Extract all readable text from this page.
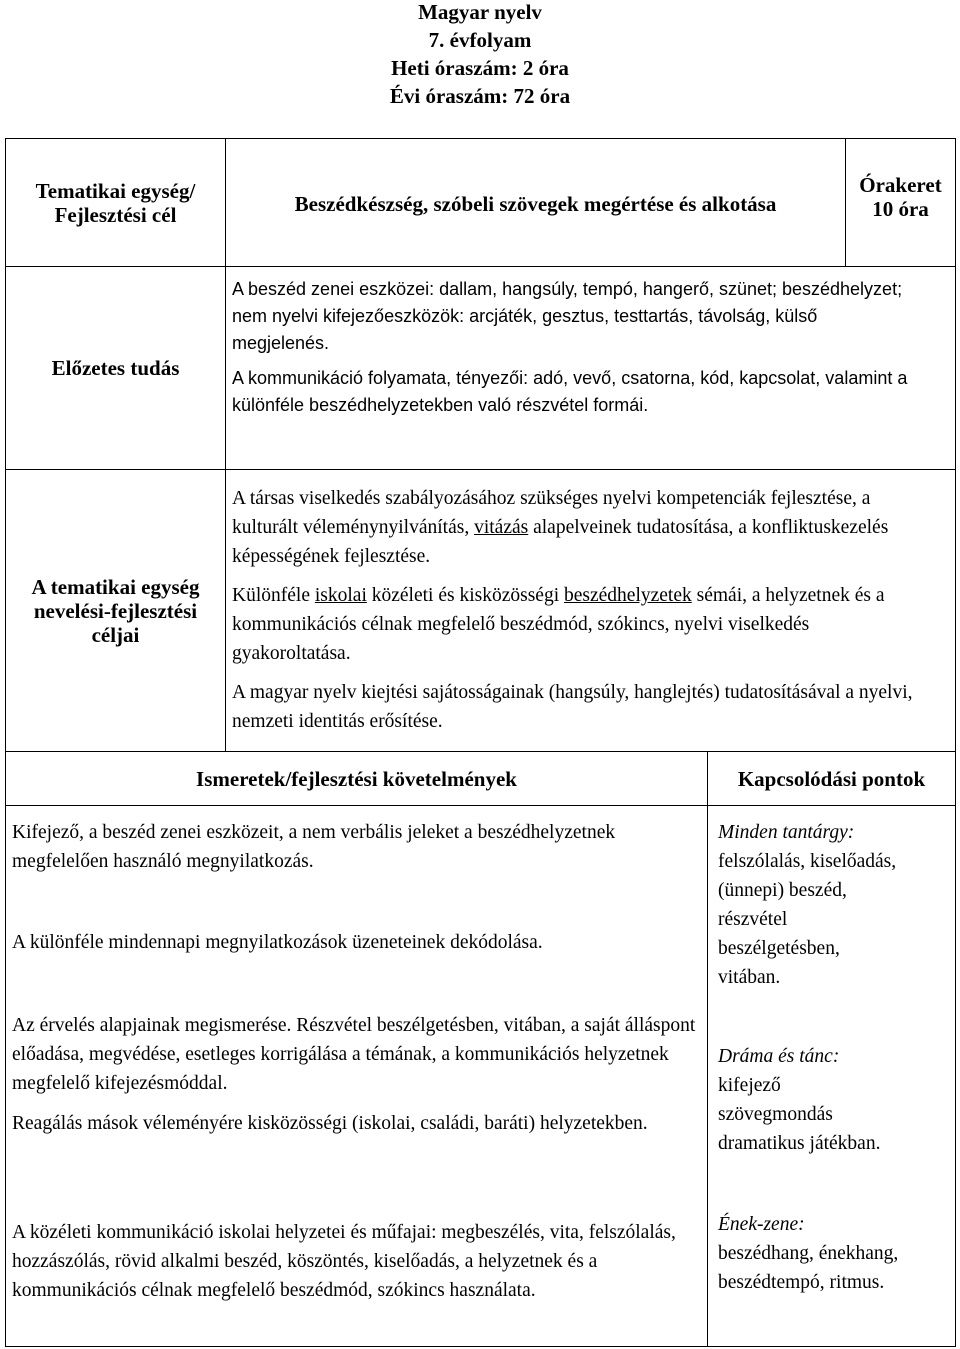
Magyar nyelv
7. évfolyam
Heti óraszám: 2 óra
Évi óraszám: 72 óra
Tematikai egység/
Fejlesztési cél	Beszédkészség, szóbeli szövegek megértése és alkotása
Órakeret
10 óra
Előzetes tudás

A beszéd zenei eszközei: dallam, hangsúly, tempó, hangerő, szünet; beszédhelyzet; nem nyelvi kifejezőeszközök: arcjáték, gesztus, testtartás, távolság, külső megjelenés.

A kommunikáció folyamata, tényezői: adó, vevő, csatorna, kód, kapcsolat, valamint a különféle beszédhelyzetekben való részvétel formái.

A tematikai egység
nevelési-fejlesztési
céljai

A társas viselkedés szabályozásához szükséges nyelvi kompetenciák fejlesztése, a kulturált véleménynyilvánítás, vitázás alapelveinek tudatosítása, a konfliktuskezelés képességének fejlesztése.

Különféle iskolai közéleti és kisközösségi beszédhelyzetek sémái, a helyzetnek és a kommunikációs célnak megfelelő beszédmód, szókincs, nyelvi viselkedés gyakoroltatása.

A magyar nyelv kiejtési sajátosságainak (hangsúly, hanglejtés) tudatosításával a nyelvi, nemzeti identitás erősítése.

Ismeretek/fejlesztési követelmények	Kapcsolódási pontok

Kifejező, a beszéd zenei eszközeit, a nem verbális jeleket a beszédhelyzetnek megfelelően használó megnyilatkozás.

A különféle mindennapi megnyilatkozások üzeneteinek dekódolása.

Az érvelés alapjainak megismerése. Részvétel beszélgetésben, vitában, a saját álláspont előadása, megvédése, esetleges korrigálása a témának, a kommunikációs helyzetnek megfelelő kifejezésmóddal.

Reagálás mások véleményére kisközösségi (iskolai, családi, baráti) helyzetekben.

A közéleti kommunikáció iskolai helyzetei és műfajai: megbeszélés, vita, felszólalás, hozzászólás, rövid alkalmi beszéd, köszöntés, kiselőadás, a helyzetnek és a kommunikációs célnak megfelelő beszédmód, szókincs használata.

Minden tantárgy:
felszólalás, kiselőadás,
(ünnepi) beszéd,
részvétel
beszélgetésben,
vitában.
Dráma és tánc:
kifejező
szövegmondás
dramatikus játékban.
Ének-zene:
beszédhang, énekhang,
beszédtempó, ritmus.
